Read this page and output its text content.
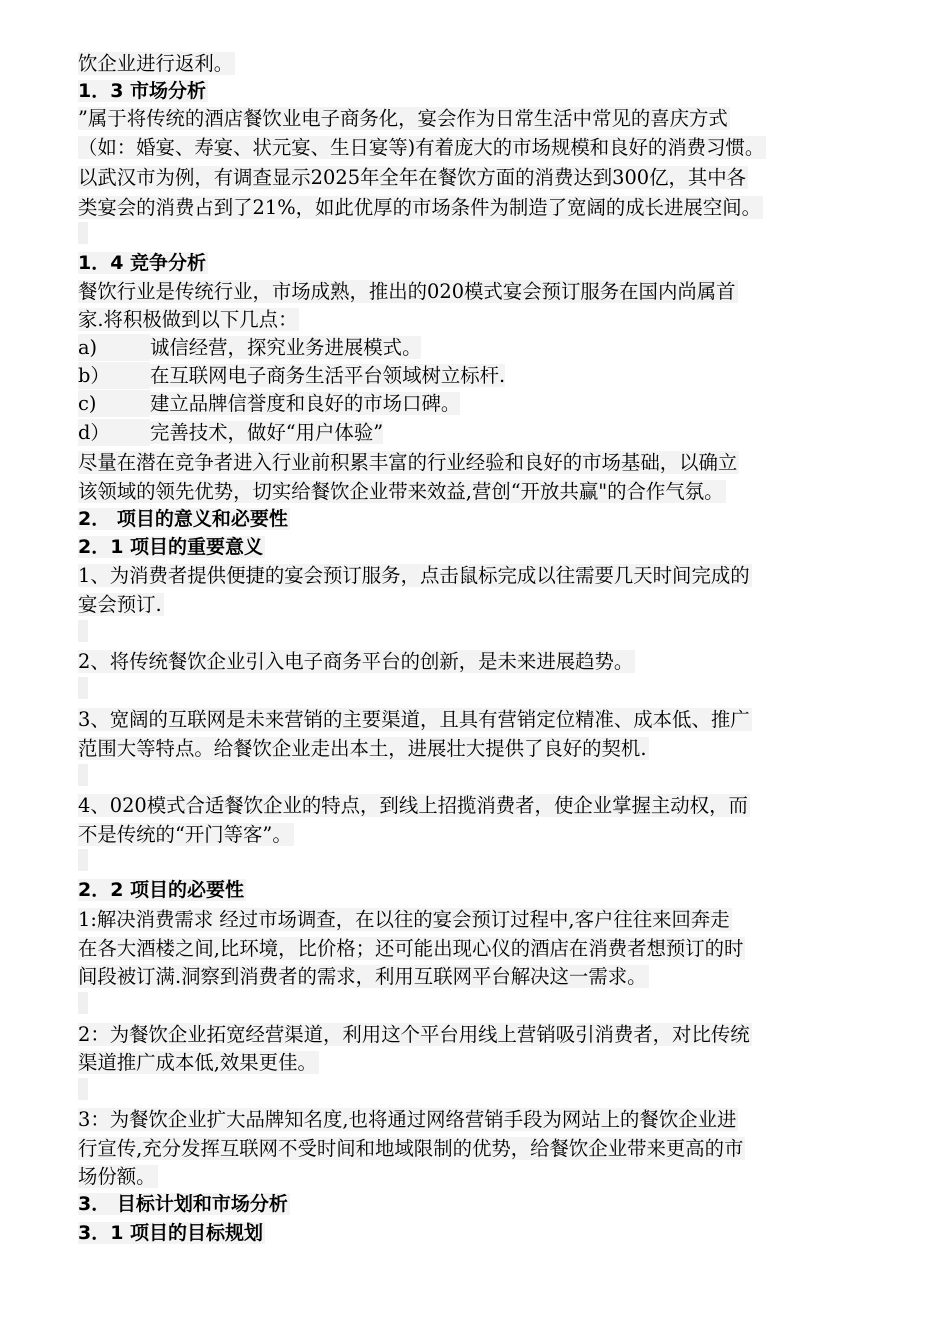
饮企业进行返利。
1．3 市场分析
”属于将传统的酒店餐饮业电子商务化，宴会作为日常生活中常见的喜庆方式
（如：婚宴、寿宴、状元宴、生日宴等)有着庞大的市场规模和良好的消费习惯。
以武汉市为例，有调查显示2025年全年在餐饮方面的消费达到300亿，其中各
类宴会的消费占到了21%，如此优厚的市场条件为制造了宽阔的成长进展空间。
1．4 竞争分析
餐饮行业是传统行业，市场成熟，推出的020模式宴会预订服务在国内尚属首
家.将积极做到以下几点：
a)	诚信经营，探究业务进展模式。
b） 在互联网电子商务生活平台领域树立标杆.
c)	建立品牌信誉度和良好的市场口碑。
d） 完善技术，做好“用户体验”
尽量在潜在竞争者进入行业前积累丰富的行业经验和良好的市场基础，以确立
该领域的领先优势，切实给餐饮企业带来效益,营创“开放共赢"的合作气氛。
2． 项目的意义和必要性
2．1 项目的重要意义
1、为消费者提供便捷的宴会预订服务，点击鼠标完成以往需要几天时间完成的
宴会预订.
2、将传统餐饮企业引入电子商务平台的创新，是未来进展趋势。
3、宽阔的互联网是未来营销的主要渠道，且具有营销定位精准、成本低、推广
范围大等特点。给餐饮企业走出本土，进展壮大提供了良好的契机.
4、020模式合适餐饮企业的特点，到线上招揽消费者，使企业掌握主动权，而
不是传统的“开门等客”。
2．2 项目的必要性
1:解决消费需求 经过市场调查，在以往的宴会预订过程中,客户往往来回奔走
在各大酒楼之间,比环境，比价格；还可能出现心仪的酒店在消费者想预订的时
间段被订满.洞察到消费者的需求，利用互联网平台解决这一需求。
2：为餐饮企业拓宽经营渠道，利用这个平台用线上营销吸引消费者，对比传统
渠道推广成本低,效果更佳。
3：为餐饮企业扩大品牌知名度,也将通过网络营销手段为网站上的餐饮企业进
行宣传,充分发挥互联网不受时间和地域限制的优势，给餐饮企业带来更高的市
场份额。
3． 目标计划和市场分析
3．1 项目的目标规划
